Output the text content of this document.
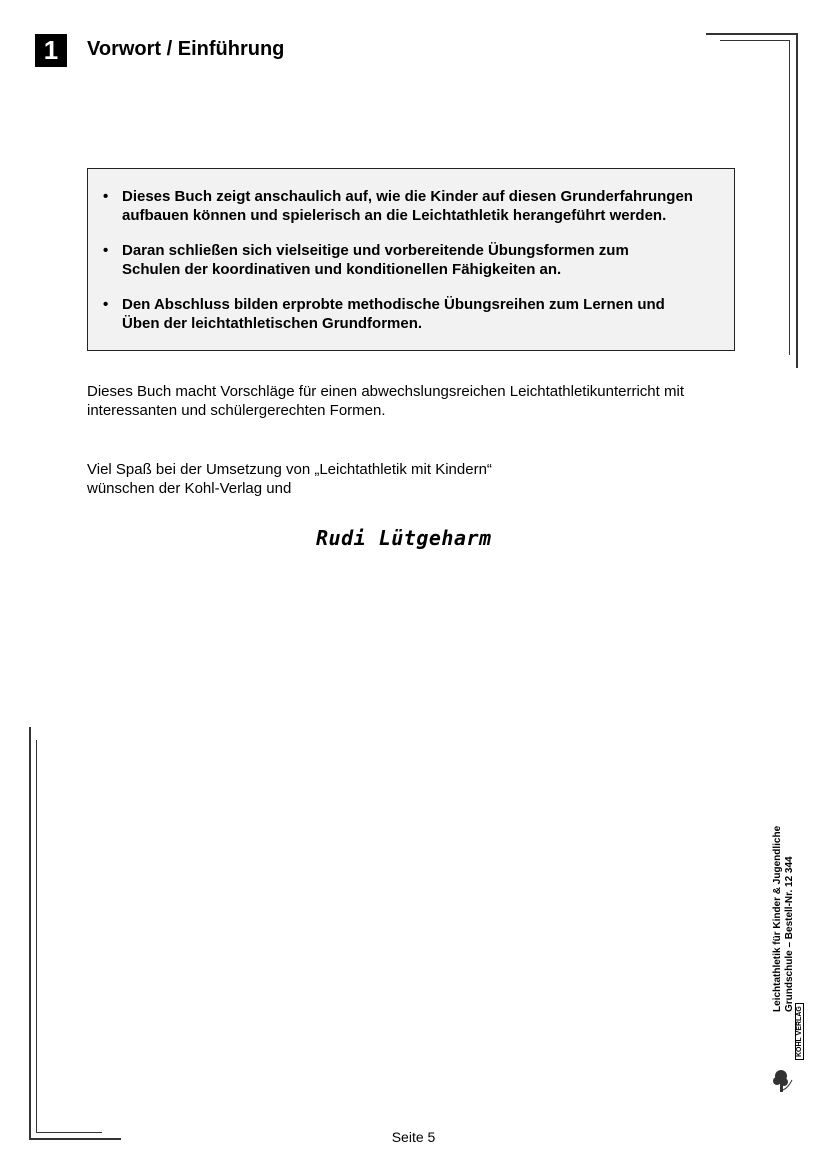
1	Vorwort / Einführung
• Dieses Buch zeigt anschaulich auf, wie die Kinder auf diesen Grunderfahrungen
aufbauen können und spielerisch an die Leichtathletik herangeführt werden.
• Daran schließen sich vielseitige und vorbereitende Übungsformen zum
Schulen der koordinativen und konditionellen Fähigkeiten an.
• Den Abschluss bilden erprobte methodische Übungsreihen zum Lernen und
Üben der leichtathletischen Grundformen.
Dieses Buch macht Vorschläge für einen abwechslungsreichen Leichtathletikunterricht mit
interessanten und schülergerechten Formen.
Viel Spaß bei der Umsetzung von „Leichtathletik mit Kindern“
wünschen der Kohl-Verlag und
Rudi Lütgeharm
Leichtathletik für Kinder & Jugendliche
Grundschule – Bestell-Nr. 12 344
KOHL VERLAG
Seite 5
